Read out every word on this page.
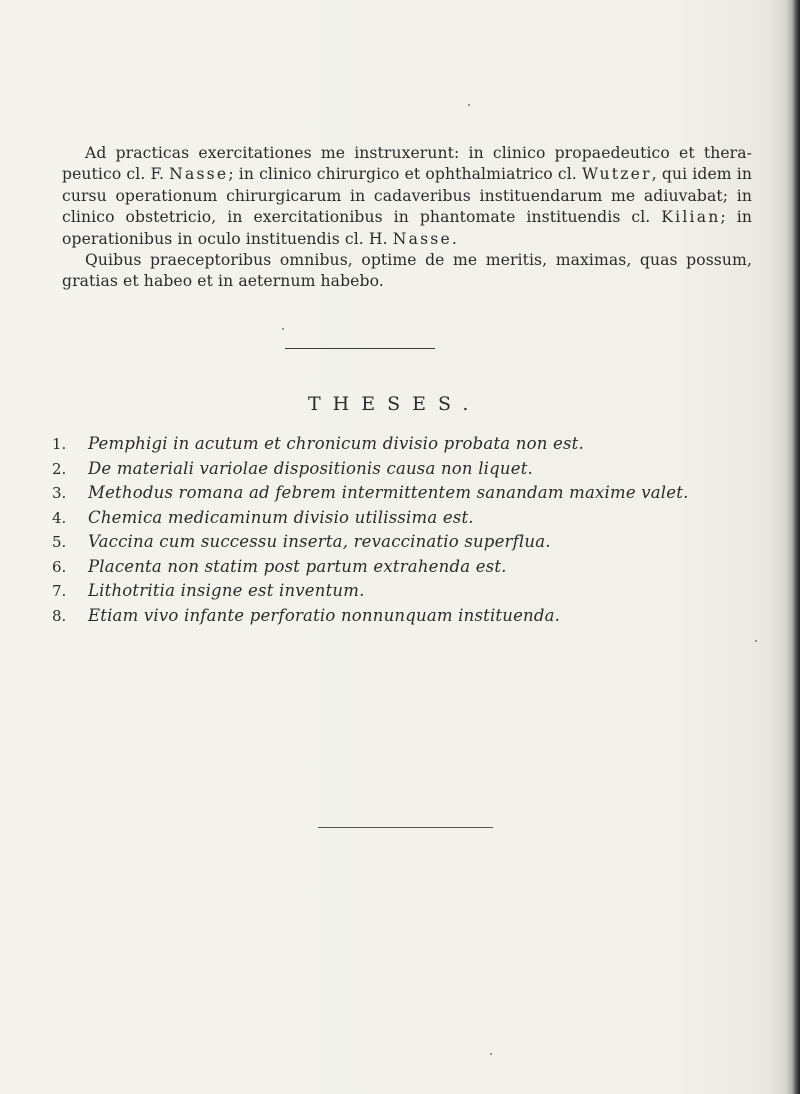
Ad practicas exercitationes me instruxerunt: in clinico propaedeutico et thera-peutico cl. F. Nasse; in clinico chirurgico et ophthalmiatrico cl. Wutzer, qui idem in cursu operationum chirurgicarum in cadaveribus instituendarum me adiuvabat; in clinico obstetricio, in exercitationibus in phantomate instituendis cl. Kilian; in operationibus in oculo instituendis cl. H. Nasse.

Quibus praeceptoribus omnibus, optime de me meritis, maximas, quas possum, gratias et habeo et in aeternum habebo.

THESES.
1.	Pemphigi in acutum et chronicum divisio probata non est.
2.	De materiali variolae dispositionis causa non liquet.
3.	Methodus romana ad febrem intermittentem sanandam maxime valet.
4.	Chemica medicaminum divisio utilissima est.
5.	Vaccina cum successu inserta, revaccinatio superflua.
6.	Placenta non statim post partum extrahenda est.
7.	Lithotritia insigne est inventum.
8.	Etiam vivo infante perforatio nonnunquam instituenda.
